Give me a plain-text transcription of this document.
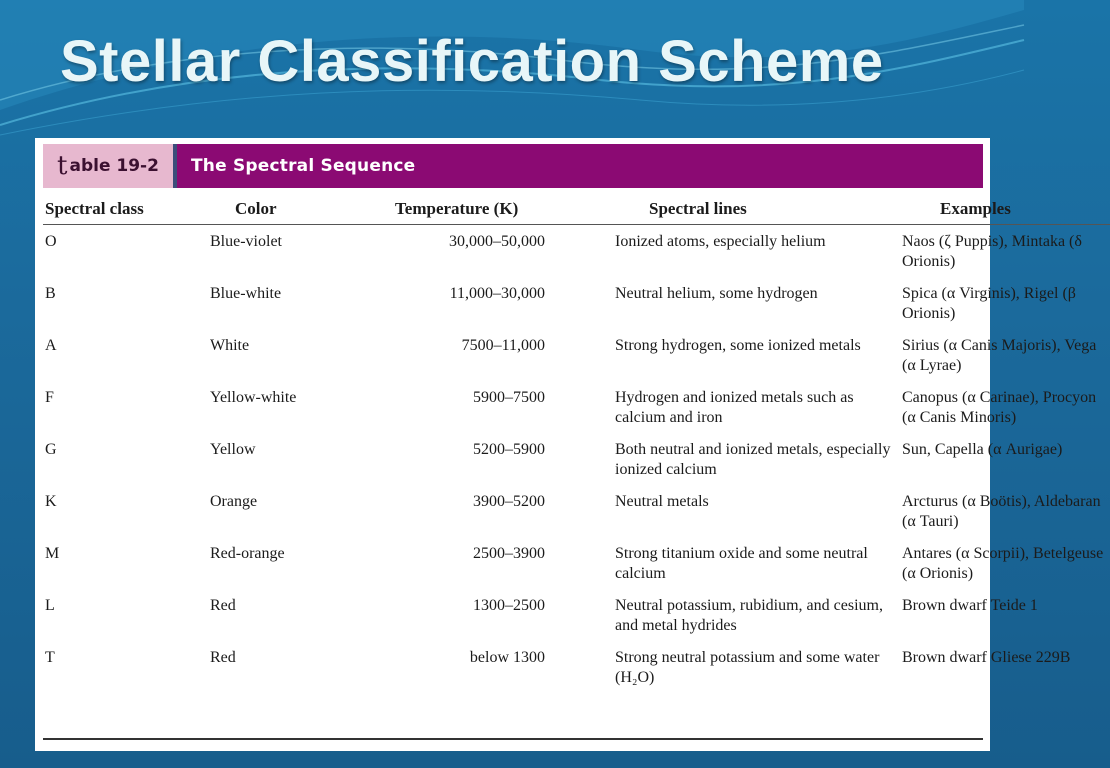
Stellar Classification Scheme
t able 19-2 The Spectral Sequence
Spectral class	Color	Temperature (K)		Spectral lines	Examples
O	Blue-violet	30,000–50,000		Ionized atoms, especially helium	Naos (ζ Puppis), Mintaka (δ Orionis)
B	Blue-white	11,000–30,000		Neutral helium, some hydrogen	Spica (α Virginis), Rigel (β Orionis)
A	White	7500–11,000		Strong hydrogen, some ionized metals	Sirius (α Canis Majoris), Vega (α Lyrae)
F	Yellow-white	5900–7500		Hydrogen and ionized metals such as calcium and iron	Canopus (α Carinae), Procyon (α Canis Minoris)
G	Yellow	5200–5900		Both neutral and ionized metals, especially ionized calcium	Sun, Capella (α Aurigae)
K	Orange	3900–5200		Neutral metals	Arcturus (α Boötis), Aldebaran (α Tauri)
M	Red-orange	2500–3900		Strong titanium oxide and some neutral calcium	Antares (α Scorpii), Betelgeuse (α Orionis)
L	Red	1300–2500		Neutral potassium, rubidium, and cesium, and metal hydrides	Brown dwarf Teide 1
T	Red	below 1300		Strong neutral potassium and some water (H₂O)	Brown dwarf Gliese 229B
